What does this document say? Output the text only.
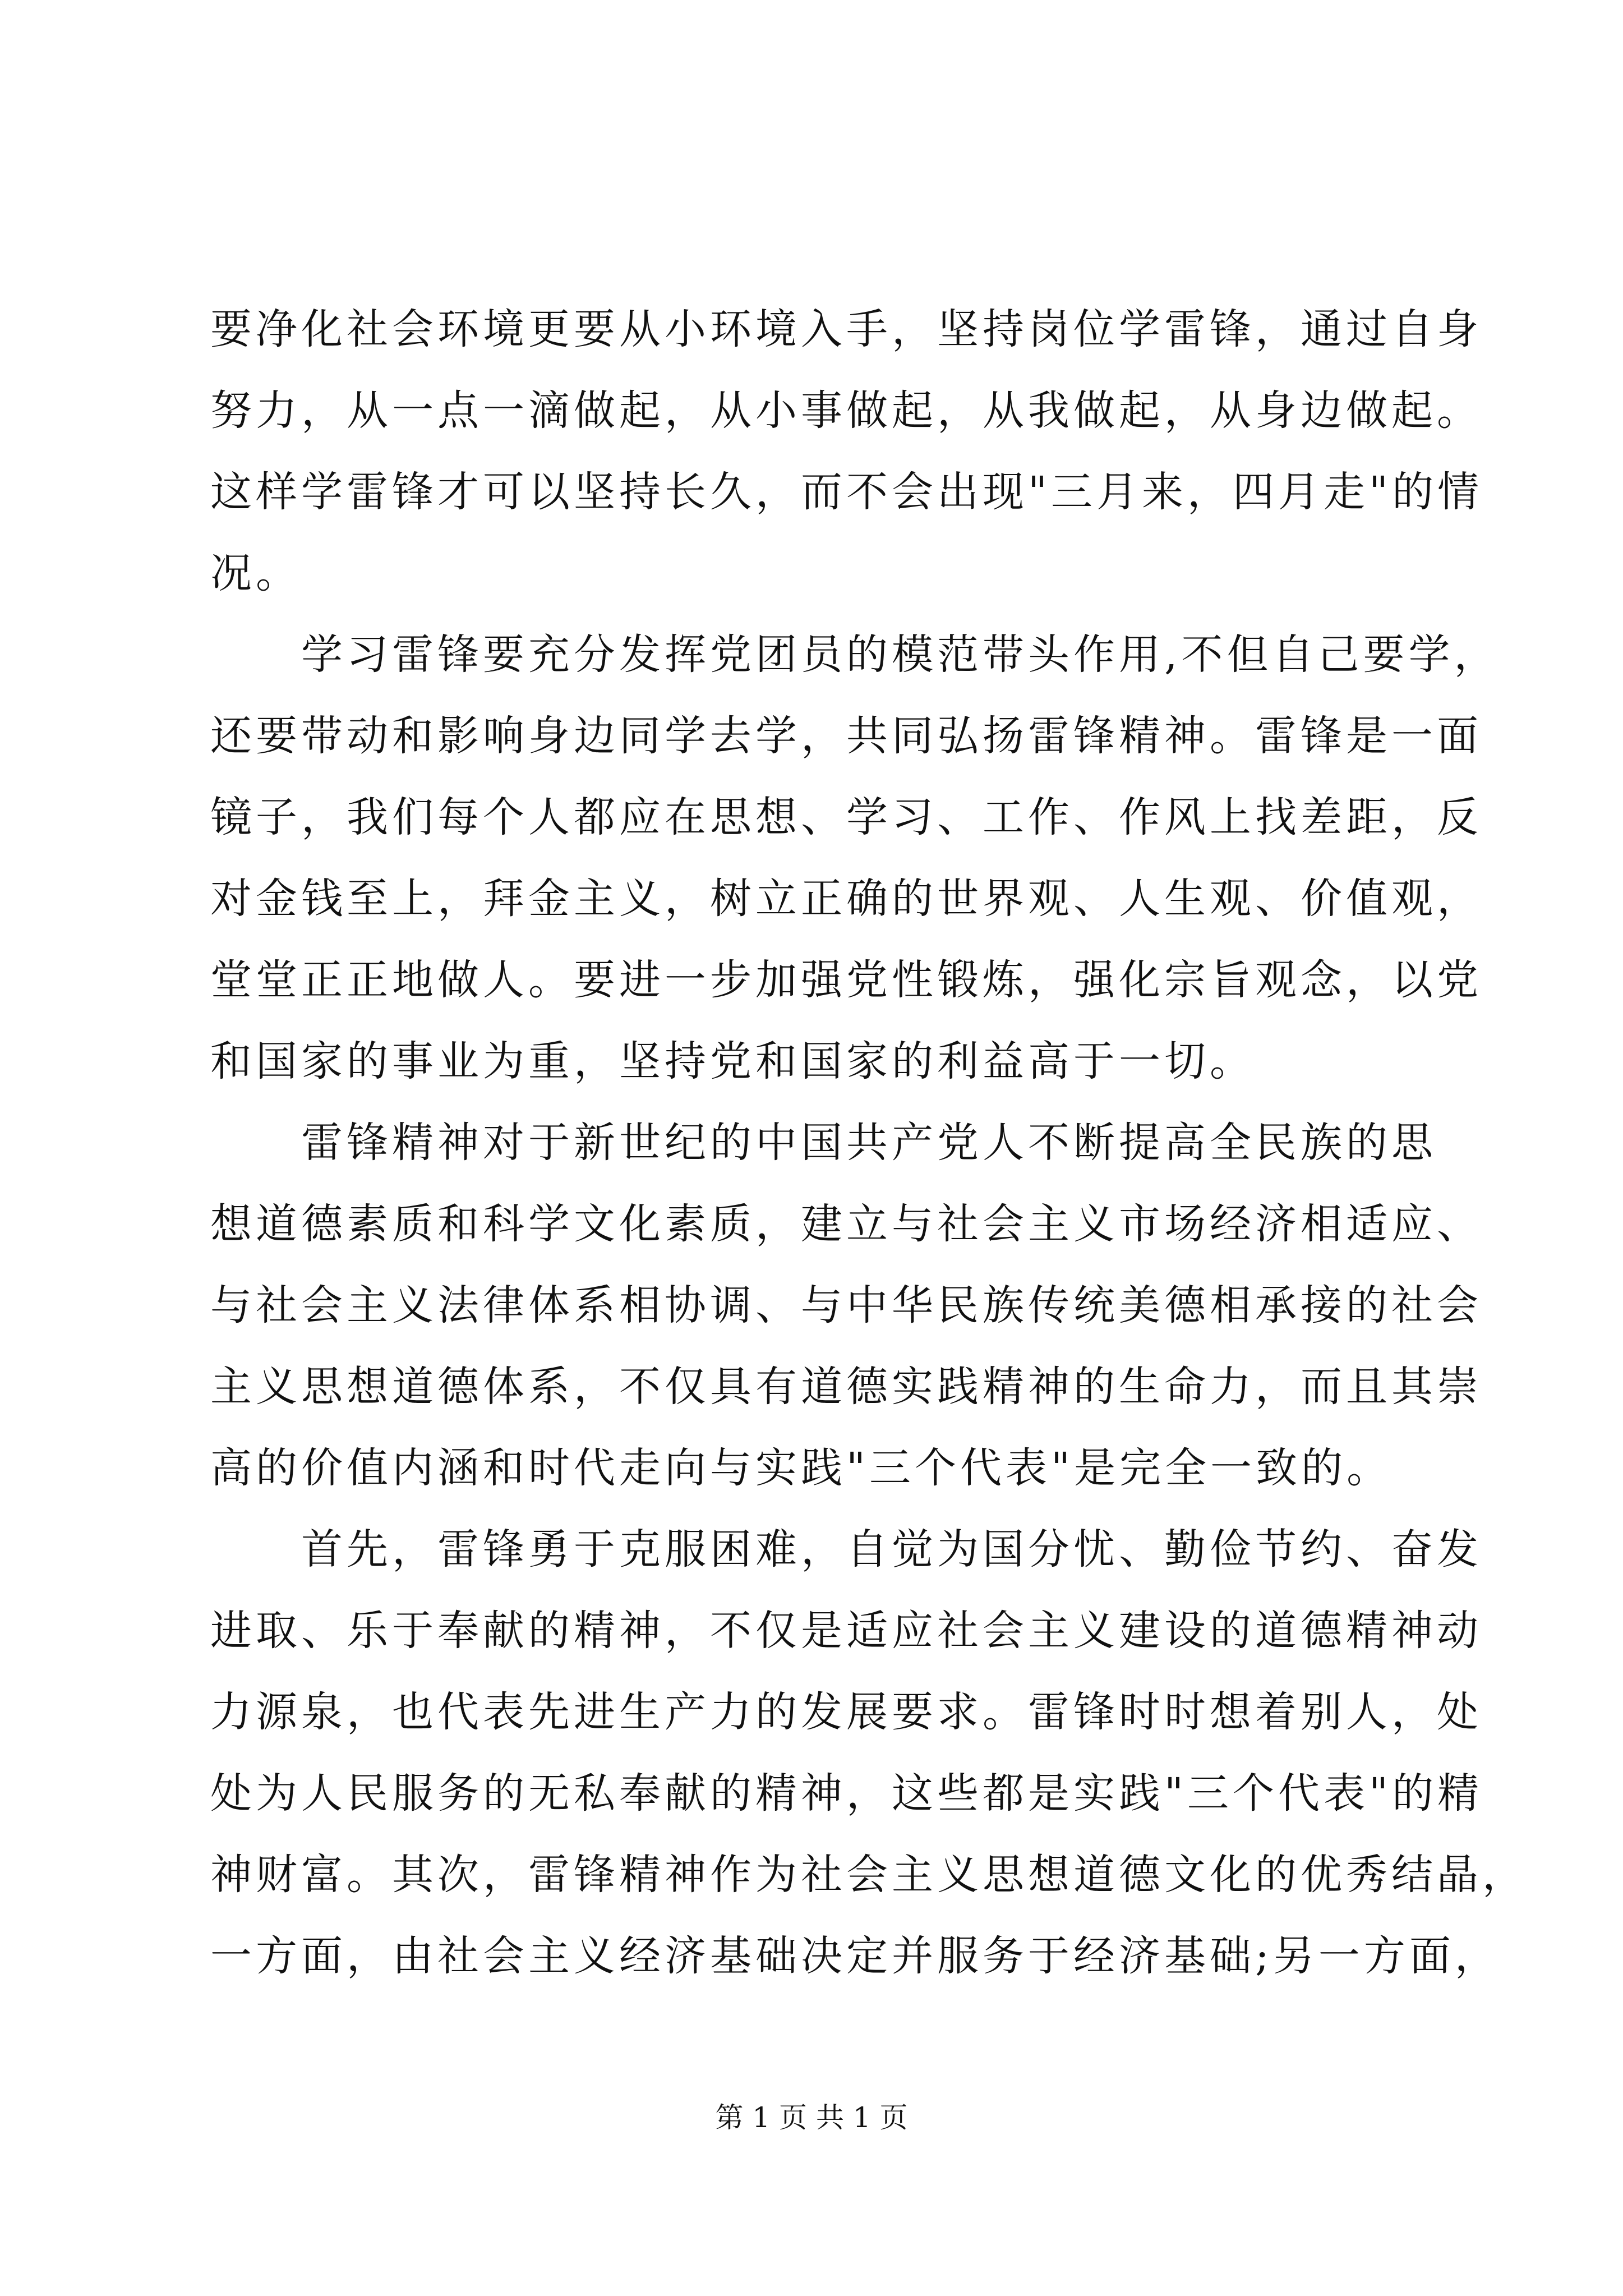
要净化社会环境更要从小环境入手，坚持岗位学雷锋，通过自身
努力，从一点一滴做起，从小事做起，从我做起，从身边做起。
这样学雷锋才可以坚持长久，而不会出现"三月来，四月走"的情
况。
学习雷锋要充分发挥党团员的模范带头作用,不但自己要学，
还要带动和影响身边同学去学，共同弘扬雷锋精神。雷锋是一面
镜子，我们每个人都应在思想、学习、工作、作风上找差距，反
对金钱至上，拜金主义，树立正确的世界观、人生观、价值观，
堂堂正正地做人。要进一步加强党性锻炼，强化宗旨观念，以党
和国家的事业为重，坚持党和国家的利益高于一切。
雷锋精神对于新世纪的中国共产党人不断提高全民族的思
想道德素质和科学文化素质，建立与社会主义市场经济相适应、
与社会主义法律体系相协调、与中华民族传统美德相承接的社会
主义思想道德体系，不仅具有道德实践精神的生命力，而且其崇
高的价值内涵和时代走向与实践"三个代表"是完全一致的。
首先，雷锋勇于克服困难，自觉为国分忧、勤俭节约、奋发
进取、乐于奉献的精神，不仅是适应社会主义建设的道德精神动
力源泉，也代表先进生产力的发展要求。雷锋时时想着别人，处
处为人民服务的无私奉献的精神，这些都是实践"三个代表"的精
神财富。其次，雷锋精神作为社会主义思想道德文化的优秀结晶，
一方面，由社会主义经济基础决定并服务于经济基础;另一方面，
第 1 页 共 1 页
